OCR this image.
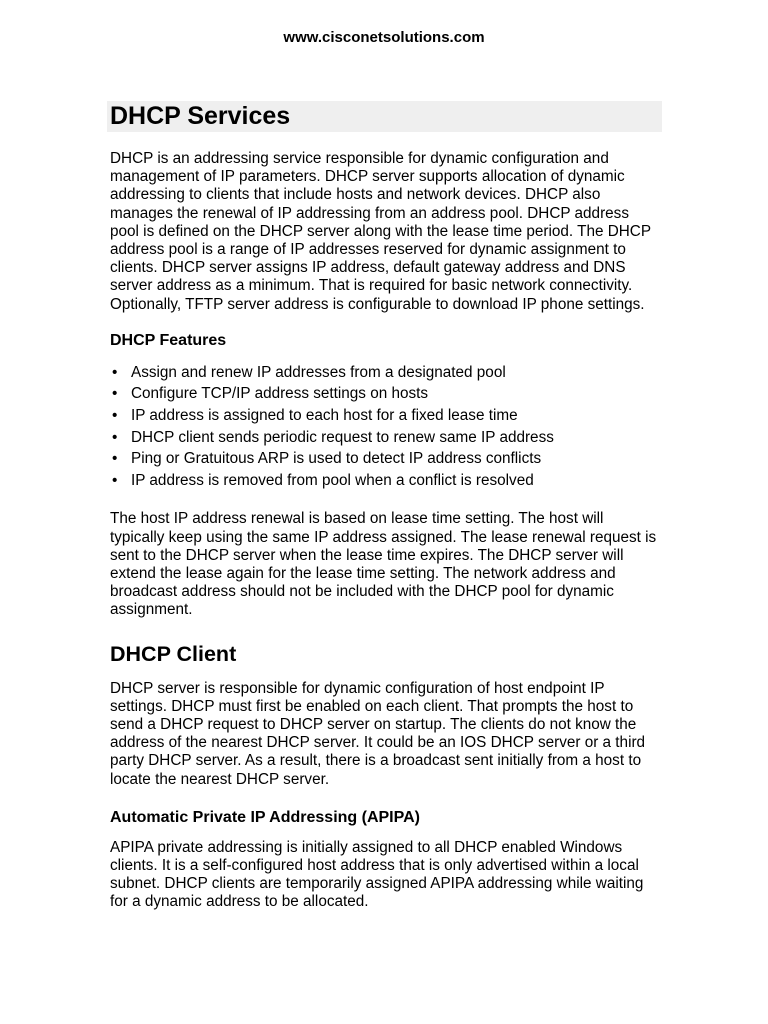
www.cisconetsolutions.com
DHCP Services

DHCP is an addressing service responsible for dynamic configuration and management of IP parameters. DHCP server supports allocation of dynamic addressing to clients that include hosts and network devices. DHCP also manages the renewal of IP addressing from an address pool. DHCP address pool is defined on the DHCP server along with the lease time period. The DHCP address pool is a range of IP addresses reserved for dynamic assignment to clients. DHCP server assigns IP address, default gateway address and DNS server address as a minimum. That is required for basic network connectivity. Optionally, TFTP server address is configurable to download IP phone settings.

DHCP Features
• Assign and renew IP addresses from a designated pool
• Configure TCP/IP address settings on hosts
• IP address is assigned to each host for a fixed lease time
• DHCP client sends periodic request to renew same IP address
• Ping or Gratuitous ARP is used to detect IP address conflicts
• IP address is removed from pool when a conflict is resolved

The host IP address renewal is based on lease time setting. The host will typically keep using the same IP address assigned. The lease renewal request is sent to the DHCP server when the lease time expires. The DHCP server will extend the lease again for the lease time setting. The network address and broadcast address should not be included with the DHCP pool for dynamic assignment.

DHCP Client

DHCP server is responsible for dynamic configuration of host endpoint IP settings. DHCP must first be enabled on each client. That prompts the host to send a DHCP request to DHCP server on startup. The clients do not know the address of the nearest DHCP server. It could be an IOS DHCP server or a third party DHCP server. As a result, there is a broadcast sent initially from a host to locate the nearest DHCP server.

Automatic Private IP Addressing (APIPA)

APIPA private addressing is initially assigned to all DHCP enabled Windows clients. It is a self-configured host address that is only advertised within a local subnet. DHCP clients are temporarily assigned APIPA addressing while waiting for a dynamic address to be allocated.
